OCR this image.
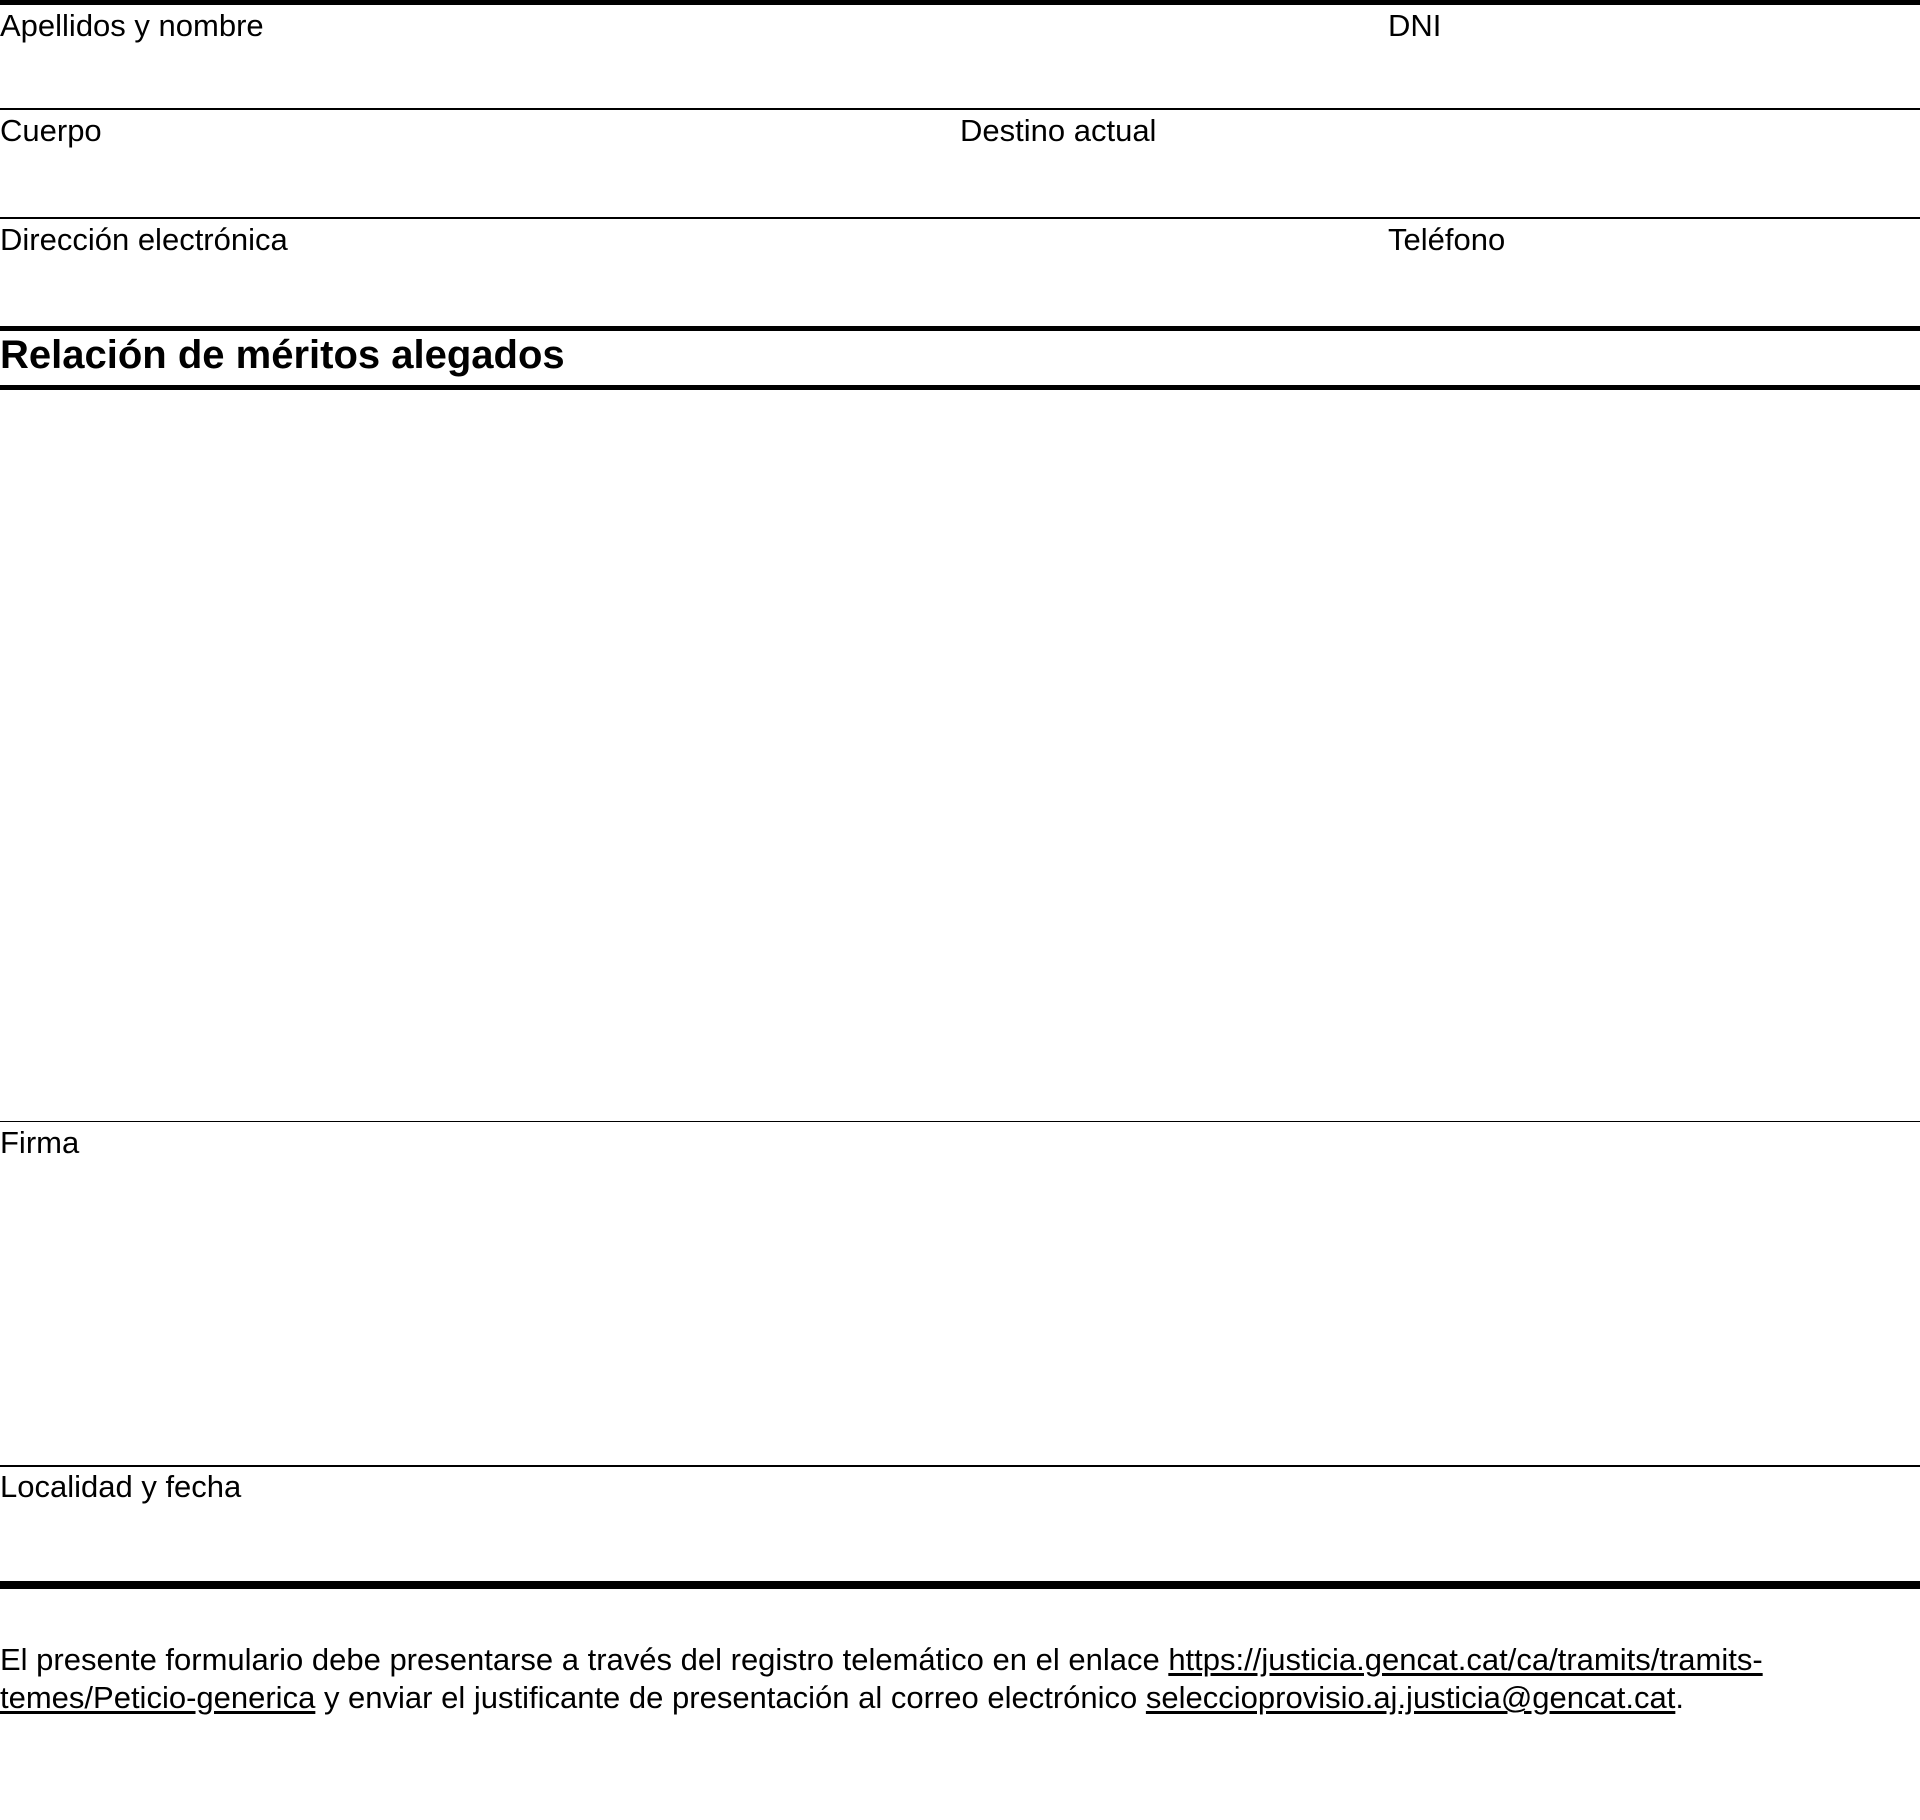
Apellidos y nombre	DNI
Cuerpo	Destino actual
Dirección electrónica	Teléfono
Relación de méritos alegados
Firma
Localidad y fecha

El presente formulario debe presentarse a través del registro telemático en el enlace https://justicia.gencat.cat/ca/tramits/tramits-

temes/Peticio-generica y enviar el justificante de presentación al correo electrónico seleccioprovisio.aj.justicia@gencat.cat.
